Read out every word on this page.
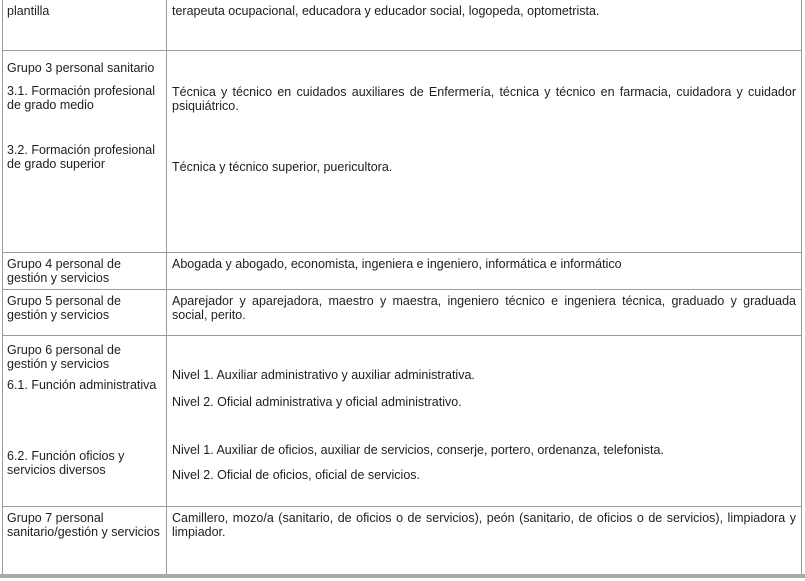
plantilla	terapeuta ocupacional, educadora y educador social, logopeda, optometrista.

Grupo 3 personal sanitario

3.1. Formación profesional de grado medio

3.2. Formación profesional de grado superior

Técnica y técnico en cuidados auxiliares de Enfermería, técnica y técnico en farmacia, cuidadora y cuidador psiquiátrico.

Técnica y técnico superior, puericultora.

Grupo 4 personal de gestión y servicios

Abogada y abogado, economista, ingeniera e ingeniero, informática e informático

Grupo 5 personal de gestión y servicios

Aparejador y aparejadora, maestro y maestra, ingeniero técnico e ingeniera técnica, graduado y graduada social, perito.

Grupo 6 personal de gestión y servicios

6.1. Función administrativa

6.2. Función oficios y servicios diversos

Nivel 1. Auxiliar administrativo y auxiliar administrativa.

Nivel 2. Oficial administrativa y oficial administrativo.

Nivel 1. Auxiliar de oficios, auxiliar de servicios, conserje, portero, ordenanza, telefonista.

Nivel 2. Oficial de oficios, oficial de servicios.

Grupo 7 personal sanitario/gestión y servicios

Camillero, mozo/a (sanitario, de oficios o de servicios), peón (sanitario, de oficios o de servicios), limpiadora y limpiador.
